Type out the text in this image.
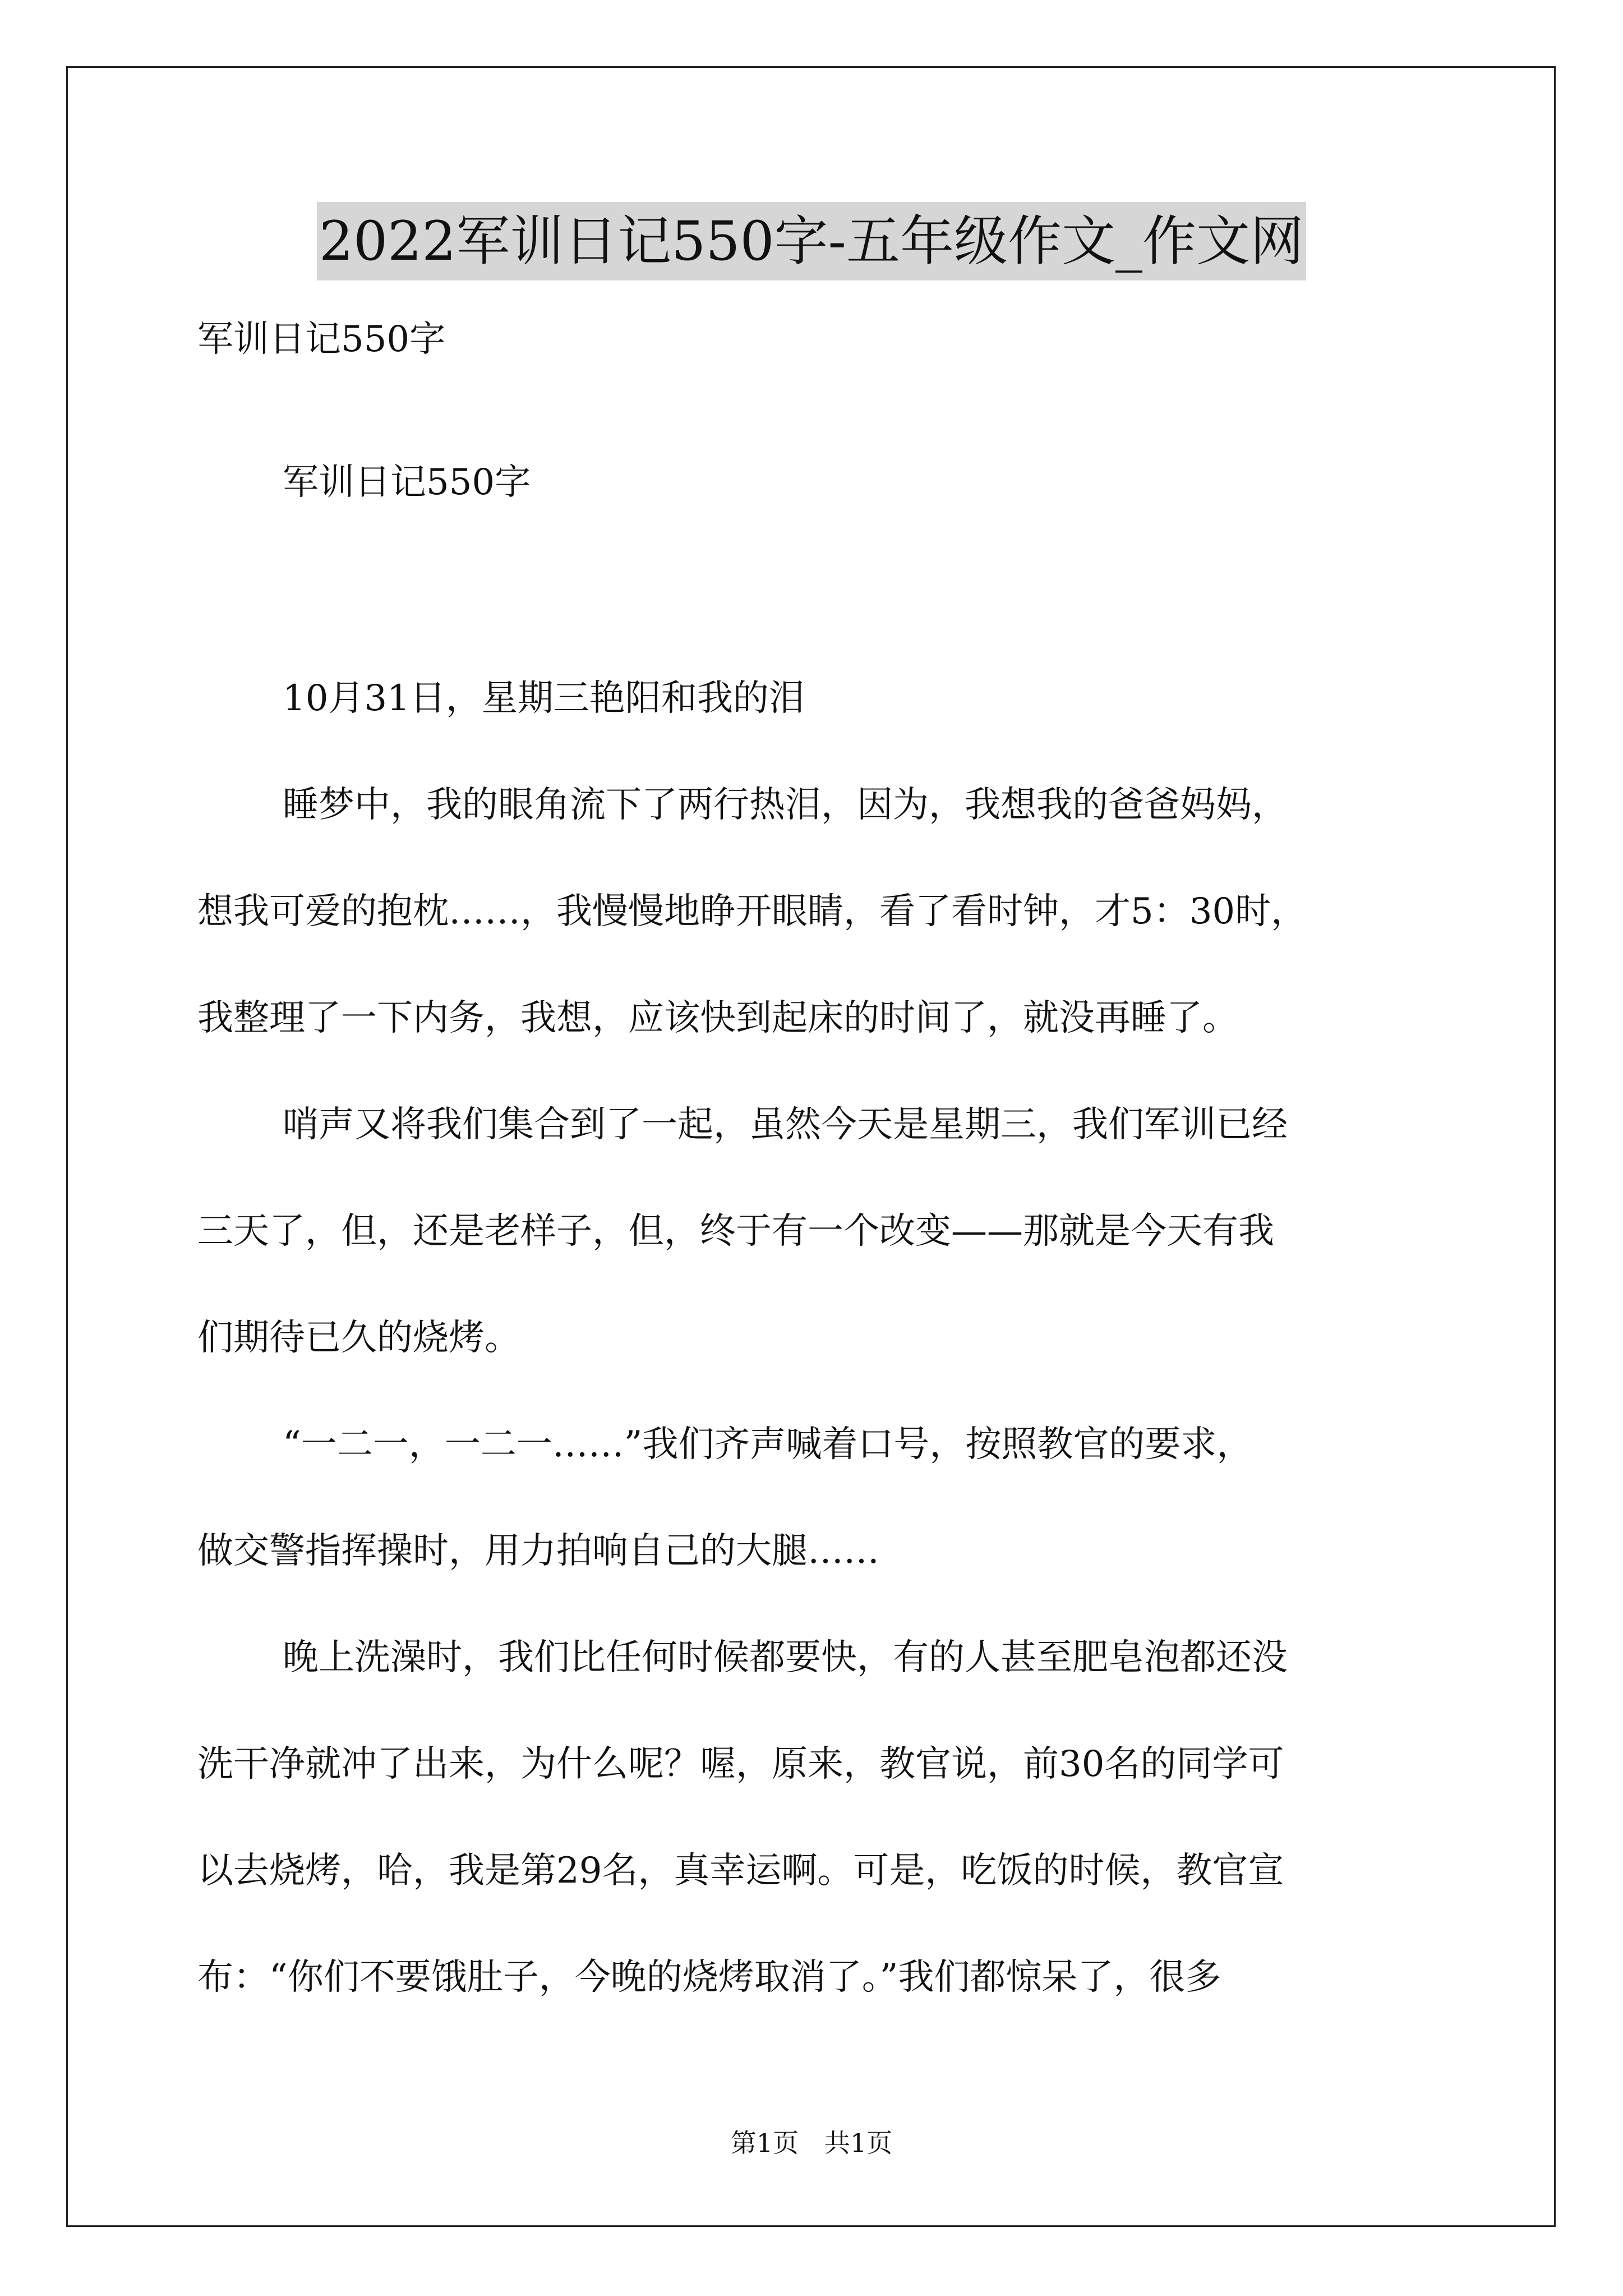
2022军训日记550字-五年级作文_作文网
军训日记550字
军训日记550字
10月31日，星期三艳阳和我的泪
睡梦中，我的眼角流下了两行热泪，因为，我想我的爸爸妈妈，
想我可爱的抱枕……，我慢慢地睁开眼睛，看了看时钟，才5：30时，
我整理了一下内务，我想，应该快到起床的时间了，就没再睡了。
哨声又将我们集合到了一起，虽然今天是星期三，我们军训已经
三天了，但，还是老样子，但，终于有一个改变——那就是今天有我
们期待已久的烧烤。
“一二一，一二一……”我们齐声喊着口号，按照教官的要求，
做交警指挥操时，用力拍响自己的大腿……
晚上洗澡时，我们比任何时候都要快，有的人甚至肥皂泡都还没
洗干净就冲了出来，为什么呢？喔，原来，教官说，前30名的同学可
以去烧烤，哈，我是第29名，真幸运啊。可是，吃饭的时候，教官宣
布：“你们不要饿肚子，今晚的烧烤取消了。”我们都惊呆了，很多
第1页　共1页
